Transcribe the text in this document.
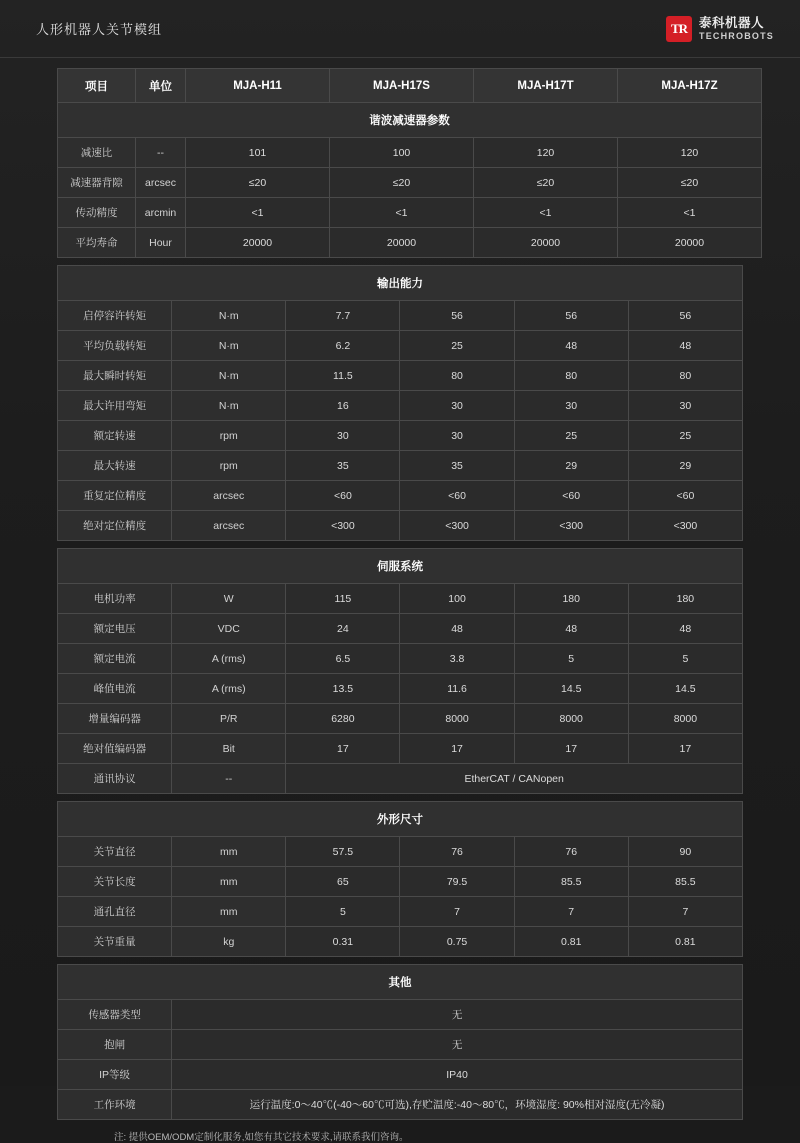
人形机器人关节模组	TR 泰科机器人
TECHROBOTS
项目	单位	MJA-H11	MJA-H17S	MJA-H17T	MJA-H17Z
谐波减速器参数					
减速比	--	101	100	120	120
减速器背隙	arcsec	≤20	≤20	≤20	≤20
传动精度	arcmin	<1	<1	<1	<1
平均寿命	Hour	20000	20000	20000	20000
输出能力					
启停容许转矩	N·m	7.7	56	56	56
平均负载转矩	N·m	6.2	25	48	48
最大瞬时转矩	N·m	11.5	80	80	80
最大许用弯矩	N·m	16	30	30	30
额定转速	rpm	30	30	25	25
最大转速	rpm	35	35	29	29
重复定位精度	arcsec	<60	<60	<60	<60
绝对定位精度	arcsec	<300	<300	<300	<300
伺服系统					
电机功率	W	115	100	180	180
额定电压	VDC	24	48	48	48
额定电流	A (rms)	6.5	3.8	5	5
峰值电流	A (rms)	13.5	11.6	14.5	14.5
增量编码器	P/R	6280	8000	8000	8000
绝对值编码器	Bit	17	17	17	17
通讯协议	--	EtherCAT / CANopen			
外形尺寸					
关节直径	mm	57.5	76	76	90
关节长度	mm	65	79.5	85.5	85.5
通孔直径	mm	5	7	7	7
关节重量	kg	0.31	0.75	0.81	0.81
其他	
传感器类型	无
抱闸	无
IP等级	IP40
工作环境	运行温度:0～40℃(-40～60℃可选),存贮温度:-40～80℃，环境湿度: 90%相对湿度(无冷凝)
注: 提供OEM/ODM定制化服务,如您有其它技术要求,请联系我们咨询。
